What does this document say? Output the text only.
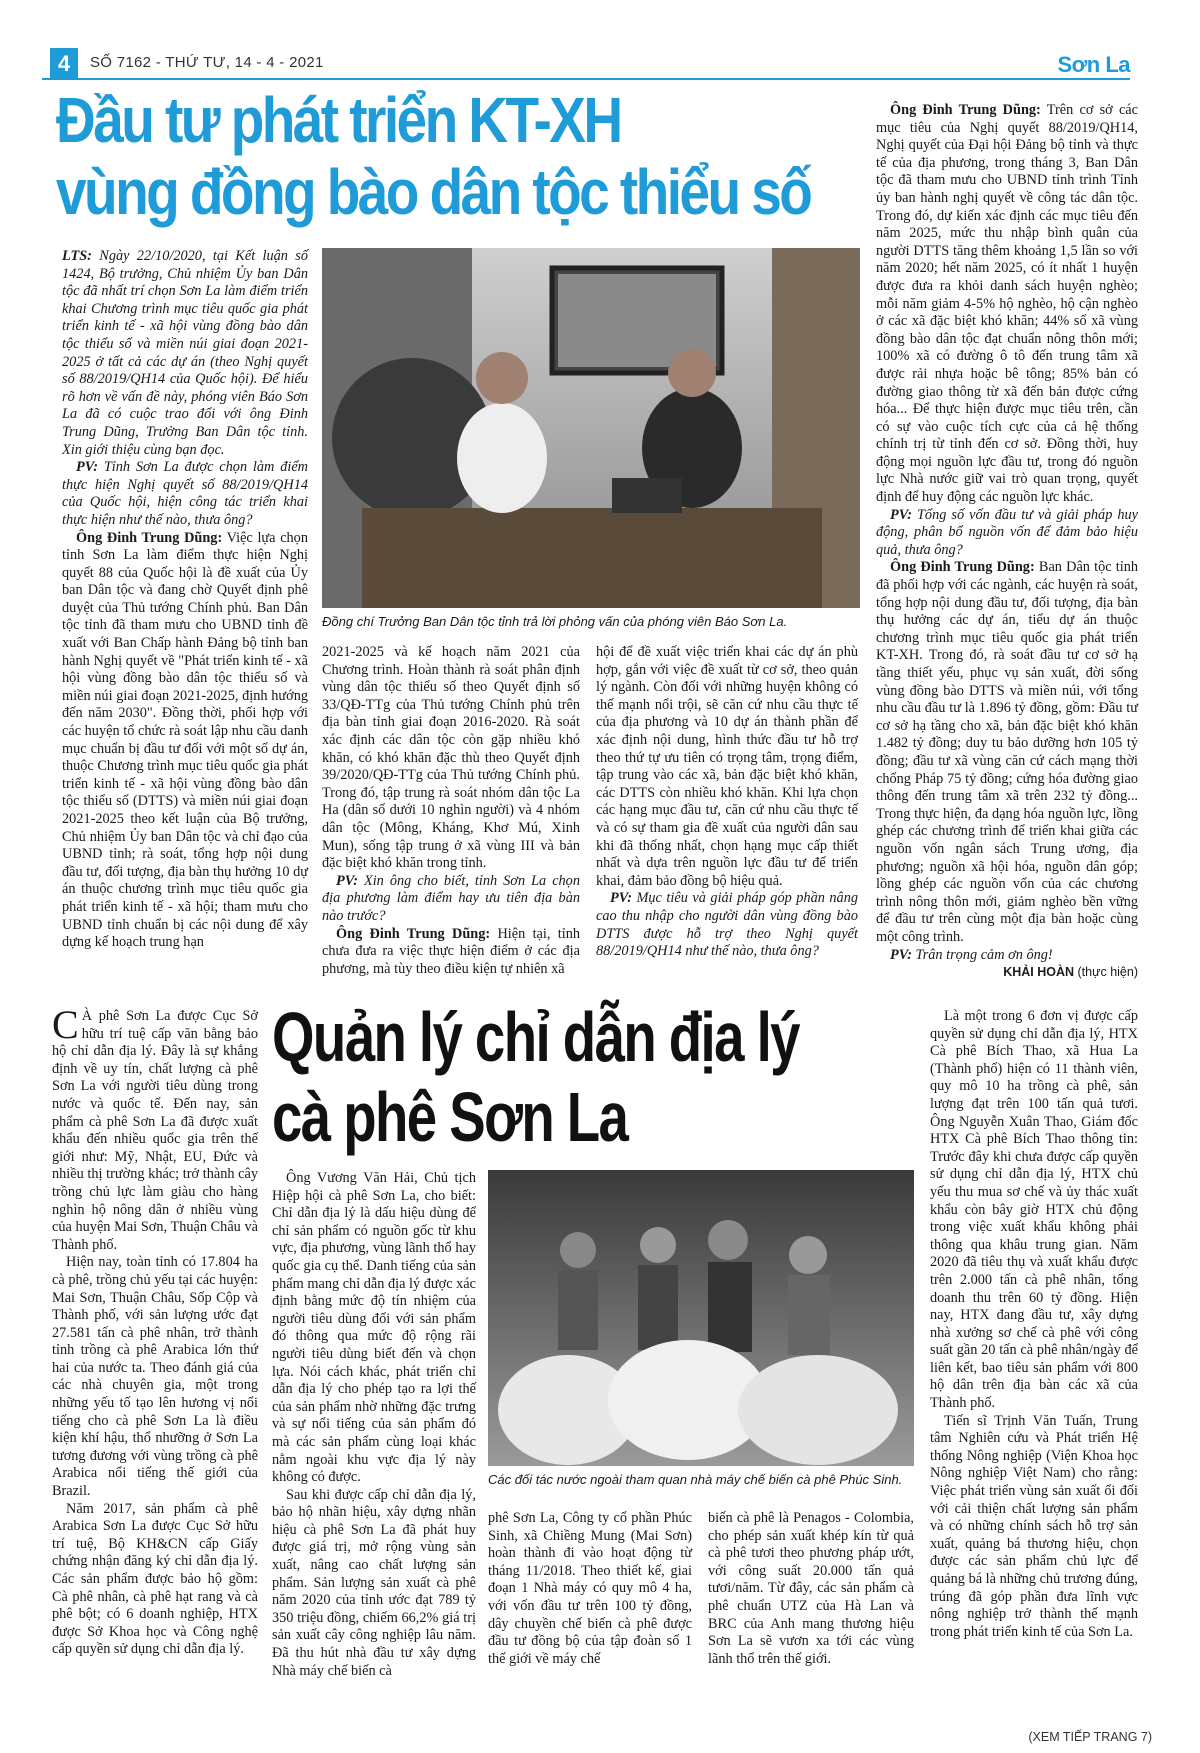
4	SỐ 7162 - THỨ TƯ, 14 - 4 - 2021	Sơn La
Đầu tư phát triển KT-XH
vùng đồng bào dân tộc thiểu số

LTS: Ngày 22/10/2020, tại Kết luận số 1424, Bộ trưởng, Chủ nhiệm Ủy ban Dân tộc đã nhất trí chọn Sơn La làm điểm triển khai Chương trình mục tiêu quốc gia phát triển kinh tế - xã hội vùng đồng bào dân tộc thiểu số và miền núi giai đoạn 2021-2025 ở tất cả các dự án (theo Nghị quyết số 88/2019/QH14 của Quốc hội). Để hiểu rõ hơn về vấn đề này, phóng viên Báo Sơn La đã có cuộc trao đổi với ông Đinh Trung Dũng, Trưởng Ban Dân tộc tỉnh. Xin giới thiệu cùng bạn đọc.

PV: Tỉnh Sơn La được chọn làm điểm thực hiện Nghị quyết số 88/2019/QH14 của Quốc hội, hiện công tác triển khai thực hiện như thế nào, thưa ông?

Ông Đinh Trung Dũng: Việc lựa chọn tỉnh Sơn La làm điểm thực hiện Nghị quyết 88 của Quốc hội là đề xuất của Ủy ban Dân tộc và đang chờ Quyết định phê duyệt của Thủ tướng Chính phủ. Ban Dân tộc tỉnh đã tham mưu cho UBND tỉnh đề xuất với Ban Chấp hành Đảng bộ tỉnh ban hành Nghị quyết về "Phát triển kinh tế - xã hội vùng đồng bào dân tộc thiểu số và miền núi giai đoạn 2021-2025, định hướng đến năm 2030". Đồng thời, phối hợp với các huyện tổ chức rà soát lập nhu cầu danh mục chuẩn bị đầu tư đối với một số dự án, thuộc Chương trình mục tiêu quốc gia phát triển kinh tế - xã hội vùng đồng bào dân tộc thiểu số (DTTS) và miền núi giai đoạn 2021-2025 theo kết luận của Bộ trưởng, Chủ nhiệm Ủy ban Dân tộc và chỉ đạo của UBND tỉnh; rà soát, tổng hợp nội dung đầu tư, đối tượng, địa bàn thụ hưởng 10 dự án thuộc chương trình mục tiêu quốc gia phát triển kinh tế - xã hội; tham mưu cho UBND tỉnh chuẩn bị các nội dung để xây dựng kế hoạch trung hạn

Đồng chí Trưởng Ban Dân tộc tỉnh trả lời phỏng vấn của phóng viên Báo Sơn La.

2021-2025 và kế hoạch năm 2021 của Chương trình. Hoàn thành rà soát phân định vùng dân tộc thiểu số theo Quyết định số 33/QĐ-TTg của Thủ tướng Chính phủ trên địa bàn tỉnh giai đoạn 2016-2020. Rà soát xác định các dân tộc còn gặp nhiều khó khăn, có khó khăn đặc thù theo Quyết định 39/2020/QĐ-TTg của Thủ tướng Chính phủ. Trong đó, tập trung rà soát nhóm dân tộc La Ha (dân số dưới 10 nghìn người) và 4 nhóm dân tộc (Mông, Kháng, Khơ Mú, Xinh Mun), sống tập trung ở xã vùng III và bản đặc biệt khó khăn trong tỉnh.

PV: Xin ông cho biết, tỉnh Sơn La chọn địa phương làm điểm hay ưu tiên địa bàn nào trước?

Ông Đinh Trung Dũng: Hiện tại, tỉnh chưa đưa ra việc thực hiện điểm ở các địa phương, mà tùy theo điều kiện tự nhiên xã

hội để đề xuất việc triển khai các dự án phù hợp, gắn với việc đề xuất từ cơ sở, theo quản lý ngành. Còn đối với những huyện không có thế mạnh nổi trội, sẽ căn cứ nhu cầu thực tế của địa phương và 10 dự án thành phần để xác định nội dung, hình thức đầu tư hỗ trợ theo thứ tự ưu tiên có trọng tâm, trọng điểm, tập trung vào các xã, bản đặc biệt khó khăn, các DTTS còn nhiều khó khăn. Khi lựa chọn các hạng mục đầu tư, căn cứ nhu cầu thực tế và có sự tham gia đề xuất của người dân sau khi đã thống nhất, chọn hạng mục cấp thiết nhất và dựa trên nguồn lực đầu tư để triển khai, đảm bảo đồng bộ hiệu quả.

PV: Mục tiêu và giải pháp góp phần nâng cao thu nhập cho người dân vùng đồng bào DTTS được hỗ trợ theo Nghị quyết 88/2019/QH14 như thế nào, thưa ông?

Ông Đinh Trung Dũng: Trên cơ sở các mục tiêu của Nghị quyết 88/2019/QH14, Nghị quyết của Đại hội Đảng bộ tỉnh và thực tế của địa phương, trong tháng 3, Ban Dân tộc đã tham mưu cho UBND tỉnh trình Tỉnh ủy ban hành nghị quyết về công tác dân tộc. Trong đó, dự kiến xác định các mục tiêu đến năm 2025, mức thu nhập bình quân của người DTTS tăng thêm khoảng 1,5 lần so với năm 2020; hết năm 2025, có ít nhất 1 huyện được đưa ra khỏi danh sách huyện nghèo; mỗi năm giảm 4-5% hộ nghèo, hộ cận nghèo ở các xã đặc biệt khó khăn; 44% số xã vùng đồng bào dân tộc đạt chuẩn nông thôn mới; 100% xã có đường ô tô đến trung tâm xã được rải nhựa hoặc bê tông; 85% bản có đường giao thông từ xã đến bản được cứng hóa... Để thực hiện được mục tiêu trên, cần có sự vào cuộc tích cực của cả hệ thống chính trị từ tỉnh đến cơ sở. Đồng thời, huy động mọi nguồn lực đầu tư, trong đó nguồn lực Nhà nước giữ vai trò quan trọng, quyết định để huy động các nguồn lực khác.

PV: Tổng số vốn đầu tư và giải pháp huy động, phân bổ nguồn vốn để đảm bảo hiệu quả, thưa ông?

Ông Đinh Trung Dũng: Ban Dân tộc tỉnh đã phối hợp với các ngành, các huyện rà soát, tổng hợp nội dung đầu tư, đối tượng, địa bàn thụ hưởng các dự án, tiểu dự án thuộc chương trình mục tiêu quốc gia phát triển KT-XH. Trong đó, rà soát đầu tư cơ sở hạ tầng thiết yếu, phục vụ sản xuất, đời sống vùng đồng bào DTTS và miền núi, với tổng nhu cầu đầu tư là 1.896 tỷ đồng, gồm: Đầu tư cơ sở hạ tầng cho xã, bản đặc biệt khó khăn 1.482 tỷ đồng; duy tu bảo dưỡng hơn 105 tỷ đồng; đầu tư xã vùng căn cứ cách mạng thời chống Pháp 75 tỷ đồng; cứng hóa đường giao thông đến trung tâm xã trên 232 tỷ đồng... Trong thực hiện, đa dạng hóa nguồn lực, lồng ghép các chương trình để triển khai giữa các nguồn vốn ngân sách Trung ương, địa phương; nguồn xã hội hóa, nguồn dân góp; lồng ghép các nguồn vốn của các chương trình nông thôn mới, giảm nghèo bền vững để đầu tư trên cùng một địa bàn hoặc cùng một công trình.

PV: Trân trọng cảm ơn ông!

KHẢI HOÀN (thực hiện)

Quản lý chỉ dẫn địa lý
cà phê Sơn La

C À phê Sơn La được Cục Sở hữu trí tuệ cấp văn bằng bảo hộ chỉ dẫn địa lý. Đây là sự khẳng định về uy tín, chất lượng cà phê Sơn La với người tiêu dùng trong nước và quốc tế. Đến nay, sản phẩm cà phê Sơn La đã được xuất khẩu đến nhiều quốc gia trên thế giới như: Mỹ, Nhật, EU, Đức và nhiều thị trường khác; trở thành cây trồng chủ lực làm giàu cho hàng nghìn hộ nông dân ở nhiều vùng của huyện Mai Sơn, Thuận Châu và Thành phố.

Hiện nay, toàn tỉnh có 17.804 ha cà phê, trồng chủ yếu tại các huyện: Mai Sơn, Thuận Châu, Sốp Cộp và Thành phố, với sản lượng ước đạt 27.581 tấn cà phê nhân, trở thành tỉnh trồng cà phê Arabica lớn thứ hai của nước ta. Theo đánh giá của các nhà chuyên gia, một trong những yếu tố tạo lên hương vị nổi tiếng cho cà phê Sơn La là điều kiện khí hậu, thổ nhưỡng ở Sơn La tương đương với vùng trồng cà phê Arabica nổi tiếng thế giới của Brazil.

Năm 2017, sản phẩm cà phê Arabica Sơn La được Cục Sở hữu trí tuệ, Bộ KH&CN cấp Giấy chứng nhận đăng ký chỉ dẫn địa lý. Các sản phẩm được bảo hộ gồm: Cà phê nhân, cà phê hạt rang và cà phê bột; có 6 doanh nghiệp, HTX được Sở Khoa học và Công nghệ cấp quyền sử dụng chỉ dẫn địa lý.

Ông Vương Văn Hải, Chủ tịch Hiệp hội cà phê Sơn La, cho biết: Chỉ dẫn địa lý là dấu hiệu dùng để chỉ sản phẩm có nguồn gốc từ khu vực, địa phương, vùng lãnh thổ hay quốc gia cụ thể. Danh tiếng của sản phẩm mang chỉ dẫn địa lý được xác định bằng mức độ tín nhiệm của người tiêu dùng đối với sản phẩm đó thông qua mức độ rộng rãi người tiêu dùng biết đến và chọn lựa. Nói cách khác, phát triển chỉ dẫn địa lý cho phép tạo ra lợi thế của sản phẩm nhờ những đặc trưng và sự nổi tiếng của sản phẩm đó mà các sản phẩm cùng loại khác nằm ngoài khu vực địa lý này không có được.

Sau khi được cấp chỉ dẫn địa lý, bảo hộ nhãn hiệu, xây dựng nhãn hiệu cà phê Sơn La đã phát huy được giá trị, mở rộng vùng sản xuất, nâng cao chất lượng sản phẩm. Sản lượng sản xuất cà phê năm 2020 của tỉnh ước đạt 789 tỷ 350 triệu đồng, chiếm 66,2% giá trị sản xuất cây công nghiệp lâu năm. Đã thu hút nhà đầu tư xây dựng Nhà máy chế biến cà

Các đối tác nước ngoài tham quan nhà máy chế biến cà phê Phúc Sinh.

phê Sơn La, Công ty cổ phần Phúc Sinh, xã Chiềng Mung (Mai Sơn) hoàn thành đi vào hoạt động từ tháng 11/2018. Theo thiết kế, giai đoạn 1 Nhà máy có quy mô 4 ha, với vốn đầu tư trên 100 tỷ đồng, dây chuyền chế biến cà phê được đầu tư đồng bộ của tập đoàn số 1 thế giới về máy chế

biến cà phê là Penagos - Colombia, cho phép sản xuất khép kín từ quả cà phê tươi theo phương pháp ướt, với công suất 20.000 tấn quả tươi/năm. Từ đây, các sản phẩm cà phê chuẩn UTZ của Hà Lan và BRC của Anh mang thương hiệu Sơn La sẽ vươn xa tới các vùng lãnh thổ trên thế giới.

Là một trong 6 đơn vị được cấp quyền sử dụng chỉ dẫn địa lý, HTX Cà phê Bích Thao, xã Hua La (Thành phố) hiện có 11 thành viên, quy mô 10 ha trồng cà phê, sản lượng đạt trên 100 tấn quả tươi. Ông Nguyễn Xuân Thao, Giám đốc HTX Cà phê Bích Thao thông tin: Trước đây khi chưa được cấp quyền sử dụng chỉ dẫn địa lý, HTX chủ yếu thu mua sơ chế và ủy thác xuất khẩu còn bây giờ HTX chủ động trong việc xuất khẩu không phải thông qua khâu trung gian. Năm 2020 đã tiêu thụ và xuất khẩu được trên 2.000 tấn cà phê nhân, tổng doanh thu trên 60 tỷ đồng. Hiện nay, HTX đang đầu tư, xây dựng nhà xưởng sơ chế cà phê với công suất gần 20 tấn cà phê nhân/ngày để liên kết, bao tiêu sản phẩm với 800 hộ dân trên địa bàn các xã của Thành phố.

Tiến sĩ Trịnh Văn Tuấn, Trung tâm Nghiên cứu và Phát triển Hệ thống Nông nghiệp (Viện Khoa học Nông nghiệp Việt Nam) cho rằng: Việc phát triển vùng sản xuất ổi đối với cải thiện chất lượng sản phẩm và có những chính sách hỗ trợ sản xuất, quảng bá thương hiệu, chọn được các sản phẩm chủ lực để quảng bá là những chủ trương đúng, trúng đã góp phần đưa lĩnh vực nông nghiệp trở thành thế mạnh trong phát triển kinh tế của Sơn La.

(XEM TIẾP TRANG 7)
